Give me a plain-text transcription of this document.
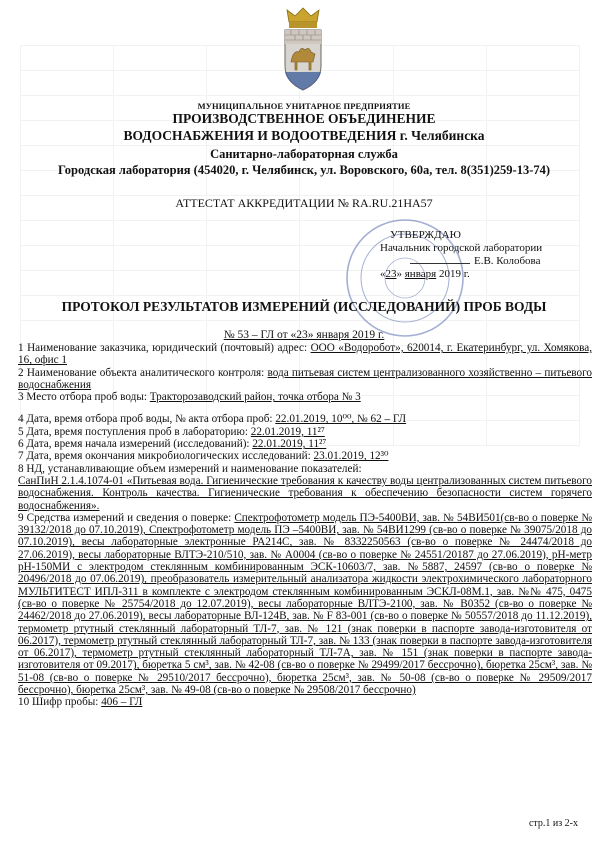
МУНИЦИПАЛЬНОЕ УНИТАРНОЕ ПРЕДПРИЯТИЕ
ПРОИЗВОДСТВЕННОЕ ОБЪЕДИНЕНИЕ
ВОДОСНАБЖЕНИЯ И ВОДООТВЕДЕНИЯ г. Челябинска
Санитарно-лабораторная служба
Городская лаборатория (454020, г. Челябинск, ул. Воровского, 60а, тел. 8(351)259-13-74)
АТТЕСТАТ АККРЕДИТАЦИИ № RA.RU.21НА57
УТВЕРЖДАЮ
Начальник городской лаборатории
Е.В. Колобова
«23» января 2019 г.
ПРОТОКОЛ РЕЗУЛЬТАТОВ ИЗМЕРЕНИЙ (ИССЛЕДОВАНИЙ) ПРОБ ВОДЫ
№ 53 – ГЛ от «23» января 2019 г.

1 Наименование заказчика, юридический (почтовый) адрес: ООО «Водоробот», 620014, г. Екатеринбург, ул. Хомякова, 16, офис 1

2 Наименование объекта аналитического контроля: вода питьевая систем централизованного хозяйственно – питьевого водоснабжения

3 Место отбора проб воды: Тракторозаводский район, точка отбора № 3

4 Дата, время отбора проб воды, № акта отбора проб: 22.01.2019, 10⁰⁰, № 62 – ГЛ

5 Дата, время поступления проб в лабораторию: 22.01.2019, 11²⁷

6 Дата, время начала измерений (исследований): 22.01.2019, 11²⁷

7 Дата, время окончания микробиологических исследований: 23.01.2019, 12³⁰

8 НД, устанавливающие объем измерений и наименование показателей:
СанПиН 2.1.4.1074-01 «Питьевая вода. Гигиенические требования к качеству воды централизованных систем питьевого водоснабжения. Контроль качества. Гигиенические требования к обеспечению безопасности систем горячего водоснабжения».

9 Средства измерений и сведения о поверке: Спектрофотометр модель ПЭ-5400ВИ, зав. № 54ВИ501(св-во о поверке № 39132/2018 до 07.10.2019), Спектрофотометр модель ПЭ –5400ВИ, зав. № 54ВИ1299 (св-во о поверке № 39075/2018 до 07.10.2019), весы лабораторные электронные РА214С, зав. № 8332250563 (св-во о поверке № 24474/2018 до 27.06.2019), весы лабораторные ВЛТЭ-210/510, зав. № А0004 (св-во о поверке № 24551/20187 до 27.06.2019), рН-метр рН-150МИ с электродом стеклянным комбинированным ЭСК-10603/7, зав. №5887, 24597 (св-во о поверке № 20496/2018 до 07.06.2019), преобразователь измерительный анализатора жидкости электрохимического лабораторного МУЛЬТИТЕСТ ИПЛ-311 в комплекте с электродом стеклянным комбинированным ЭСКЛ-08М.1, зав. №№ 475, 0475 (св-во о поверке № 25754/2018 до 12.07.2019), весы лабораторные ВЛТЭ-2100, зав. № В0352 (св-во о поверке № 24462/2018 до 27.06.2019), весы лабораторные ВЛ-124В, зав. № F 83-001 (св-во о поверке № 50557/2018 до 11.12.2019), термометр ртутный стеклянный лабораторный ТЛ-7, зав. № 121 (знак поверки в паспорте завода-изготовителя от 06.2017), термометр ртутный стеклянный лабораторный ТЛ-7, зав. № 133 (знак поверки в паспорте завода-изготовителя от 06.2017), термометр ртутный стеклянный лабораторный ТЛ-7А, зав. № 151 (знак поверки в паспорте завода-изготовителя от 09.2017), бюретка 5 см³, зав. № 42-08 (св-во о поверке № 29499/2017 бессрочно), бюретка 25см³, зав. № 51-08 (св-во о поверке № 29510/2017 бессрочно), бюретка 25см³, зав. № 50-08 (св-во о поверке № 29509/2017 бессрочно), бюретка 25см³, зав. № 49-08 (св-во о поверке № 29508/2017 бессрочно)

10 Шифр пробы: 406 – ГЛ

стр.1 из 2-х
